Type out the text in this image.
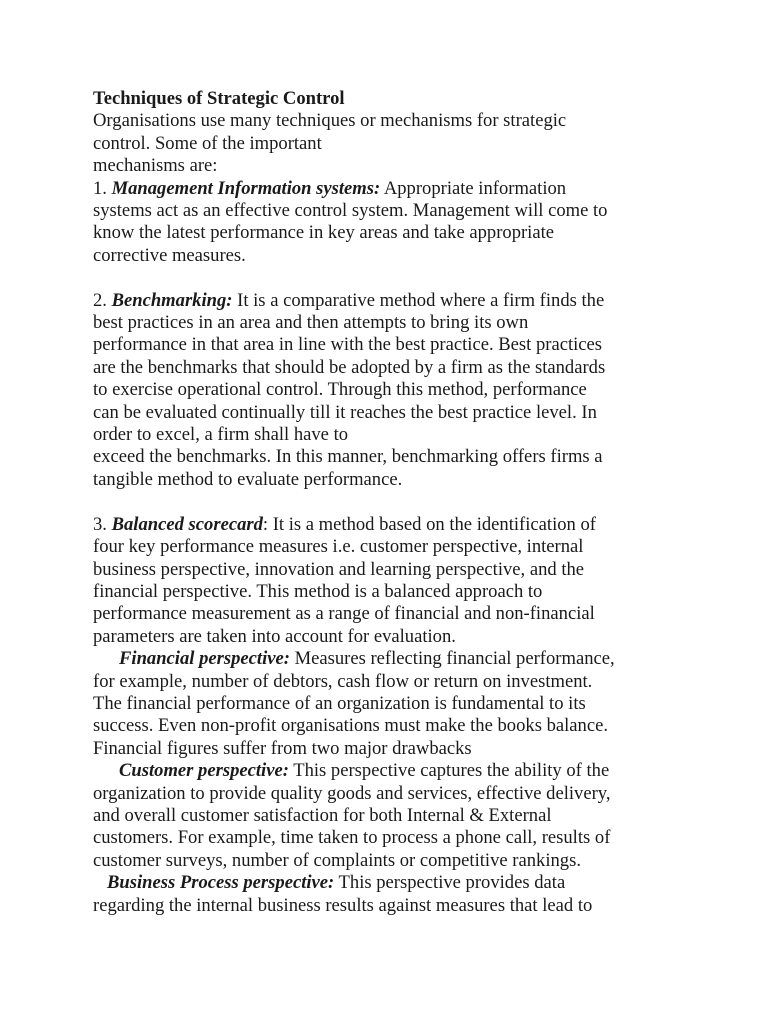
Techniques of Strategic Control
Organisations use many techniques or mechanisms for strategic
control. Some of the important
mechanisms are:
1. Management Information systems: Appropriate information
systems act as an effective control system. Management will come to
know the latest performance in key areas and take appropriate
corrective measures.
2. Benchmarking: It is a comparative method where a firm finds the
best practices in an area and then attempts to bring its own
performance in that area in line with the best practice. Best practices
are the benchmarks that should be adopted by a firm as the standards
to exercise operational control. Through this method, performance
can be evaluated continually till it reaches the best practice level. In
order to excel, a firm shall have to
exceed the benchmarks. In this manner, benchmarking offers firms a
tangible method to evaluate performance.
3. Balanced scorecard: It is a method based on the identification of
four key performance measures i.e. customer perspective, internal
business perspective, innovation and learning perspective, and the
financial perspective. This method is a balanced approach to
performance measurement as a range of financial and non-financial
parameters are taken into account for evaluation.
Financial perspective: Measures reflecting financial performance,
for example, number of debtors, cash flow or return on investment.
The financial performance of an organization is fundamental to its
success. Even non-profit organisations must make the books balance.
Financial figures suffer from two major drawbacks
Customer perspective: This perspective captures the ability of the
organization to provide quality goods and services, effective delivery,
and overall customer satisfaction for both Internal & External
customers. For example, time taken to process a phone call, results of
customer surveys, number of complaints or competitive rankings.
Business Process perspective: This perspective provides data
regarding the internal business results against measures that lead to
